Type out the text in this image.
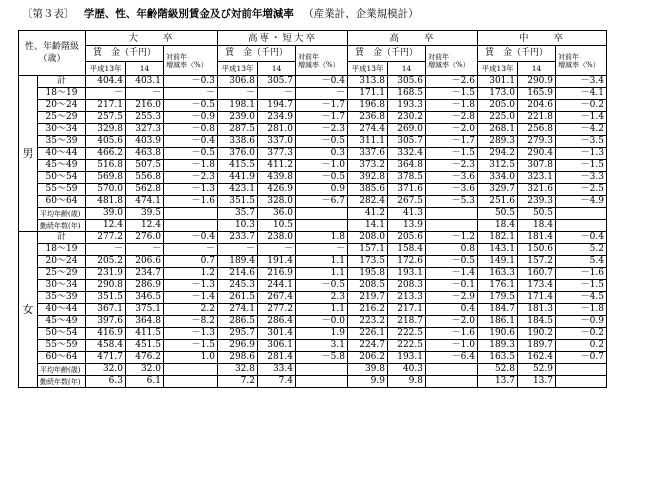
〔第３表〕 学歴、性、年齢階級別賃金及び対前年増減率 （産業計、企業規模計）
性、年齢階級
（歳）		大　　卒			高専・短大卒			高　　卒			中　　卒		
		賃　金（千円）		対前年
増減率（%）	賃　金（千円）		対前年
増減率（%）	賃　金（千円）		対前年
増減率（%）	賃　金（千円）		対前年
増減率（%）
		平成13年	14		平成13年	14		平成13年	14		平成13年	14	
男	計	404.4	403.1	－0.3	306.8	305.7	－0.4	313.8	305.6	－2.6	301.1	290.9	－3.4
	18～19	－	－	－	－	－	－	171.1	168.5	－1.5	173.0	165.9	－4.1
	20～24	217.1	216.0	－0.5	198.1	194.7	－1.7	196.8	193.3	－1.8	205.0	204.6	－0.2
	25～29	257.5	255.3	－0.9	239.0	234.9	－1.7	236.8	230.2	－2.8	225.0	221.8	－1.4
	30～34	329.8	327.3	－0.8	287.5	281.0	－2.3	274.4	269.0	－2.0	268.1	256.8	－4.2
	35～39	405.6	403.9	－0.4	338.6	337.0	－0.5	311.1	305.7	－1.7	289.3	279.3	－3.5
	40～44	466.2	463.8	－0.5	376.0	377.3	0.3	337.6	332.4	－1.5	294.2	290.4	－1.3
	45～49	516.8	507.5	－1.8	415.5	411.2	－1.0	373.2	364.8	－2.3	312.5	307.8	－1.5
	50～54	569.8	556.8	－2.3	441.9	439.8	－0.5	392.8	378.5	－3.6	334.0	323.1	－3.3
	55～59	570.0	562.8	－1.3	423.1	426.9	0.9	385.6	371.6	－3.6	329.7	321.6	－2.5
	60～64	481.8	474.1	－1.6	351.5	328.0	－6.7	282.4	267.5	－5.3	251.6	239.3	－4.9
	平均年齢(歳)	39.0	39.5		35.7	36.0		41.2	41.3		50.5	50.5	
	勤続年数(年)	12.4	12.4		10.3	10.5		14.1	13.9		18.4	18.4	
女	計	277.2	276.0	－0.4	233.7	238.0	1.8	208.0	205.6	－1.2	182.1	181.4	－0.4
	18～19	－	－	－	－	－	－	157.1	158.4	0.8	143.1	150.6	5.2
	20～24	205.2	206.6	0.7	189.4	191.4	1.1	173.5	172.6	－0.5	149.1	157.2	5.4
	25～29	231.9	234.7	1.2	214.6	216.9	1.1	195.8	193.1	－1.4	163.3	160.7	－1.6
	30～34	290.8	286.9	－1.3	245.3	244.1	－0.5	208.5	208.3	－0.1	176.1	173.4	－1.5
	35～39	351.5	346.5	－1.4	261.5	267.4	2.3	219.7	213.3	－2.9	179.5	171.4	－4.5
	40～44	367.1	375.1	2.2	274.1	277.2	1.1	216.2	217.1	0.4	184.7	181.3	－1.8
	45～49	397.6	364.8	－8.2	286.5	286.4	－0.0	223.2	218.7	－2.0	186.1	184.5	－0.9
	50～54	416.9	411.5	－1.3	295.7	301.4	1.9	226.1	222.5	－1.6	190.6	190.2	－0.2
	55～59	458.4	451.5	－1.5	296.9	306.1	3.1	224.7	222.5	－1.0	189.3	189.7	0.2
	60～64	471.7	476.2	1.0	298.6	281.4	－5.8	206.2	193.1	－6.4	163.5	162.4	－0.7
	平均年齢(歳)	32.0	32.0		32.8	33.4		39.8	40.3		52.8	52.9	
	勤続年数(年)	6.3	6.1		7.2	7.4		9.9	9.8		13.7	13.7	
